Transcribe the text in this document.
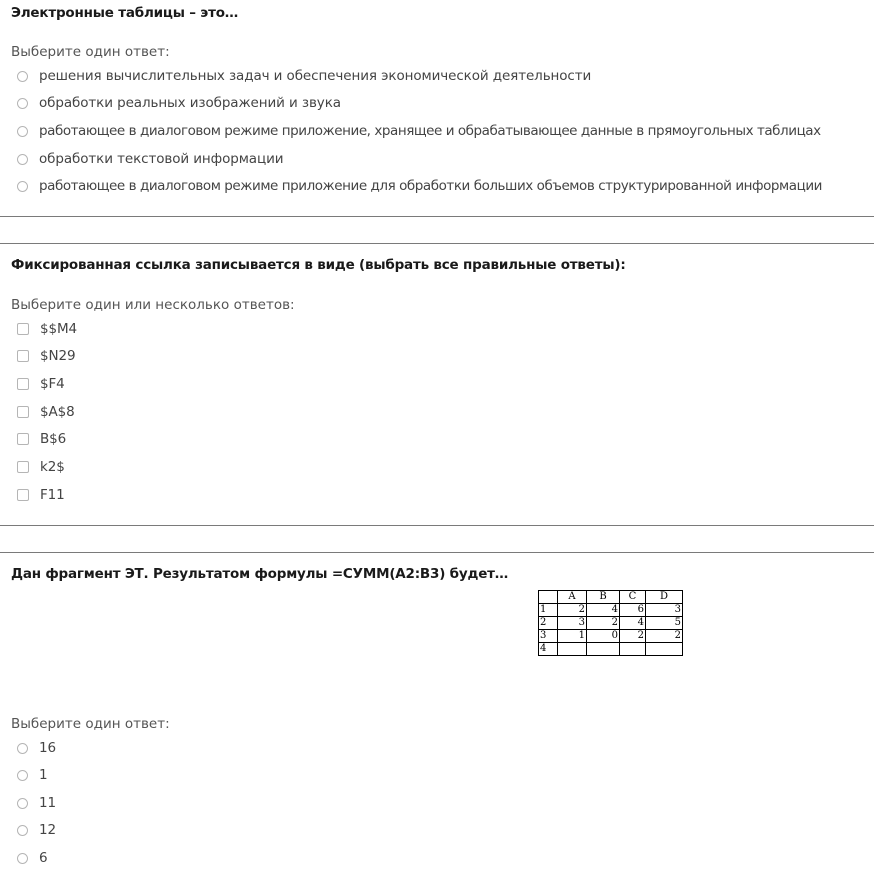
Электронные таблицы – это…
Выберите один ответ:
решения вычислительных задач и обеспечения экономической деятельности
обработки реальных изображений и звука
работающее в диалоговом режиме приложение, хранящее и обрабатывающее данные в прямоугольных таблицах
обработки текстовой информации
работающее в диалоговом режиме приложение для обработки больших объемов структурированной информации
Фиксированная ссылка записывается в виде (выбрать все правильные ответы):
Выберите один или несколько ответов:
$$M4
$N29
$F4
$A$8
B$6
k2$
F11
Дан фрагмент ЭТ. Результатом формулы =СУММ(А2:В3) будет…
	A	B	C	D
1	2	4	6	3
2	3	2	4	5
3	1	0	2	2
4				
Выберите один ответ:
16
1
11
12
6
